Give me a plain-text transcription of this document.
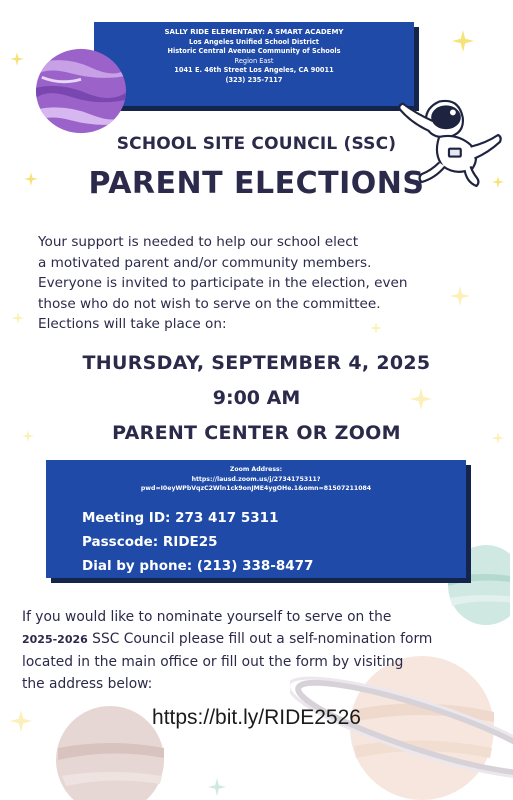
SALLY RIDE ELEMENTARY: A SMART ACADEMY
Los Angeles Unified School District
Historic Central Avenue Community of Schools
Region East
1041 E. 46th Street Los Angeles, CA 90011
(323) 235-7117
SCHOOL SITE COUNCIL (SSC)
PARENT ELECTIONS
Your support is needed to help our school elect
a motivated parent and/or community members.
Everyone is invited to participate in the election, even
those who do not wish to serve on the committee.
Elections will take place on:
THURSDAY, SEPTEMBER 4, 2025
9:00 AM
PARENT CENTER OR ZOOM
Zoom Address:
https://lausd.zoom.us/j/2734175311?
pwd=I0eyWPbVqzC2Wln1ck9onJME4ygOHe.1&omn=81507211084
Meeting ID: 273 417 5311
Passcode: RIDE25
Dial by phone: (213) 338-8477
If you would like to nominate yourself to serve on the
2025-2026 SSC Council please fill out a self-nomination form
located in the main office or fill out the form by visiting
the address below:
https://bit.ly/RIDE2526
